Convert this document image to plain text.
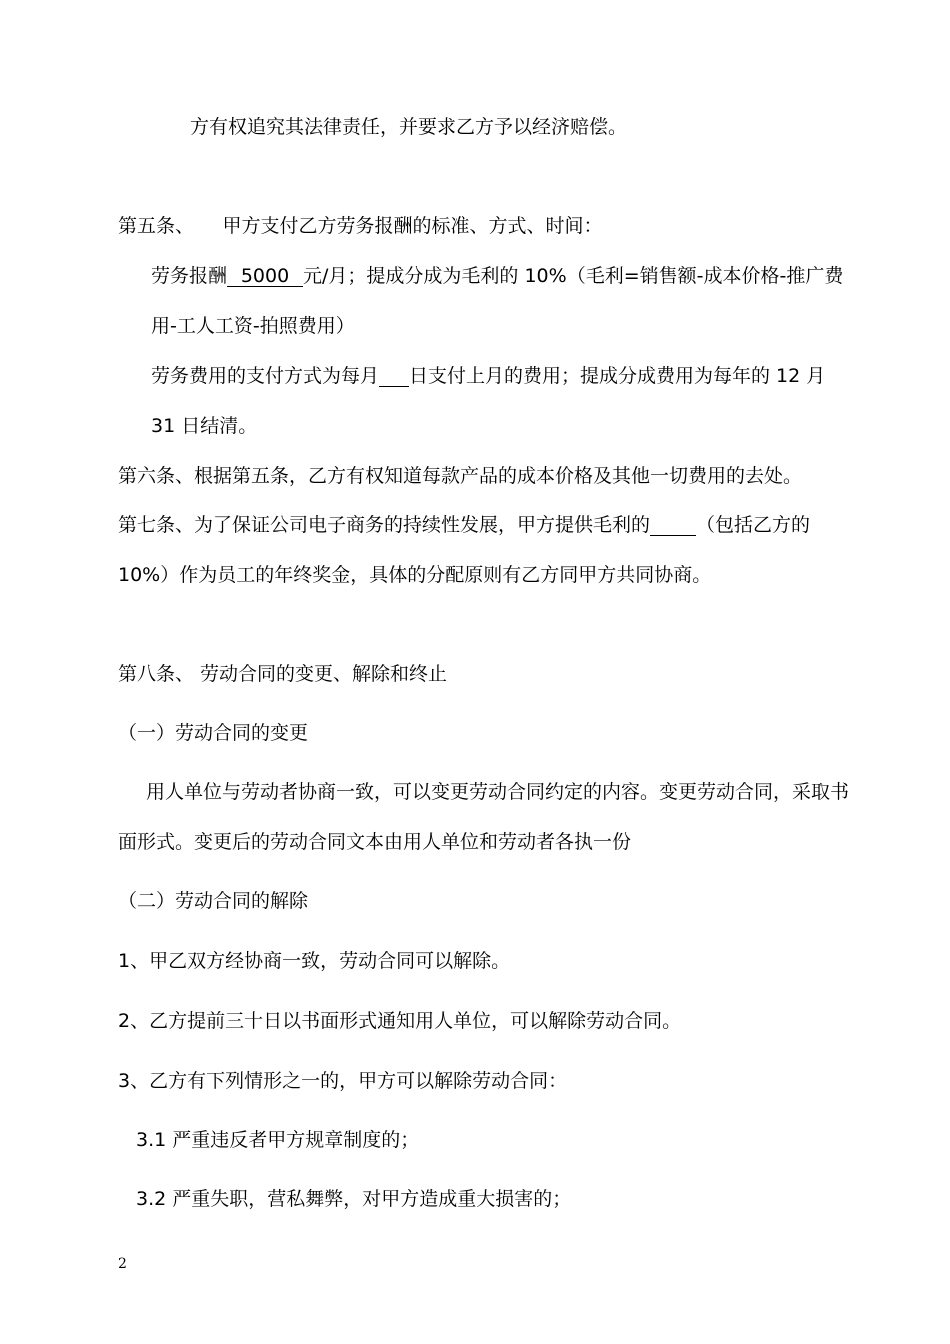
方有权追究其法律责任，并要求乙方予以经济赔偿。
第五条、　　甲方支付乙方劳务报酬的标准、方式、时间：
劳务报酬 5000 元/月；提成分成为毛利的 10%（毛利=销售额-成本价格-推广费
用-工人工资-拍照费用）
劳务费用的支付方式为每月 日支付上月的费用；提成分成费用为每年的 12 月
31 日结清。
第六条、根据第五条，乙方有权知道每款产品的成本价格及其他一切费用的去处。
第七条、为了保证公司电子商务的持续性发展，甲方提供毛利的 （包括乙方的
10%）作为员工的年终奖金，具体的分配原则有乙方同甲方共同协商。
第八条、 劳动合同的变更、解除和终止
（一）劳动合同的变更
用人单位与劳动者协商一致，可以变更劳动合同约定的内容。变更劳动合同，采取书
面形式。变更后的劳动合同文本由用人单位和劳动者各执一份
（二）劳动合同的解除
1、甲乙双方经协商一致，劳动合同可以解除。
2、乙方提前三十日以书面形式通知用人单位，可以解除劳动合同。
3、乙方有下列情形之一的，甲方可以解除劳动合同：
3.1 严重违反者甲方规章制度的；
3.2 严重失职，营私舞弊，对甲方造成重大损害的；
2
